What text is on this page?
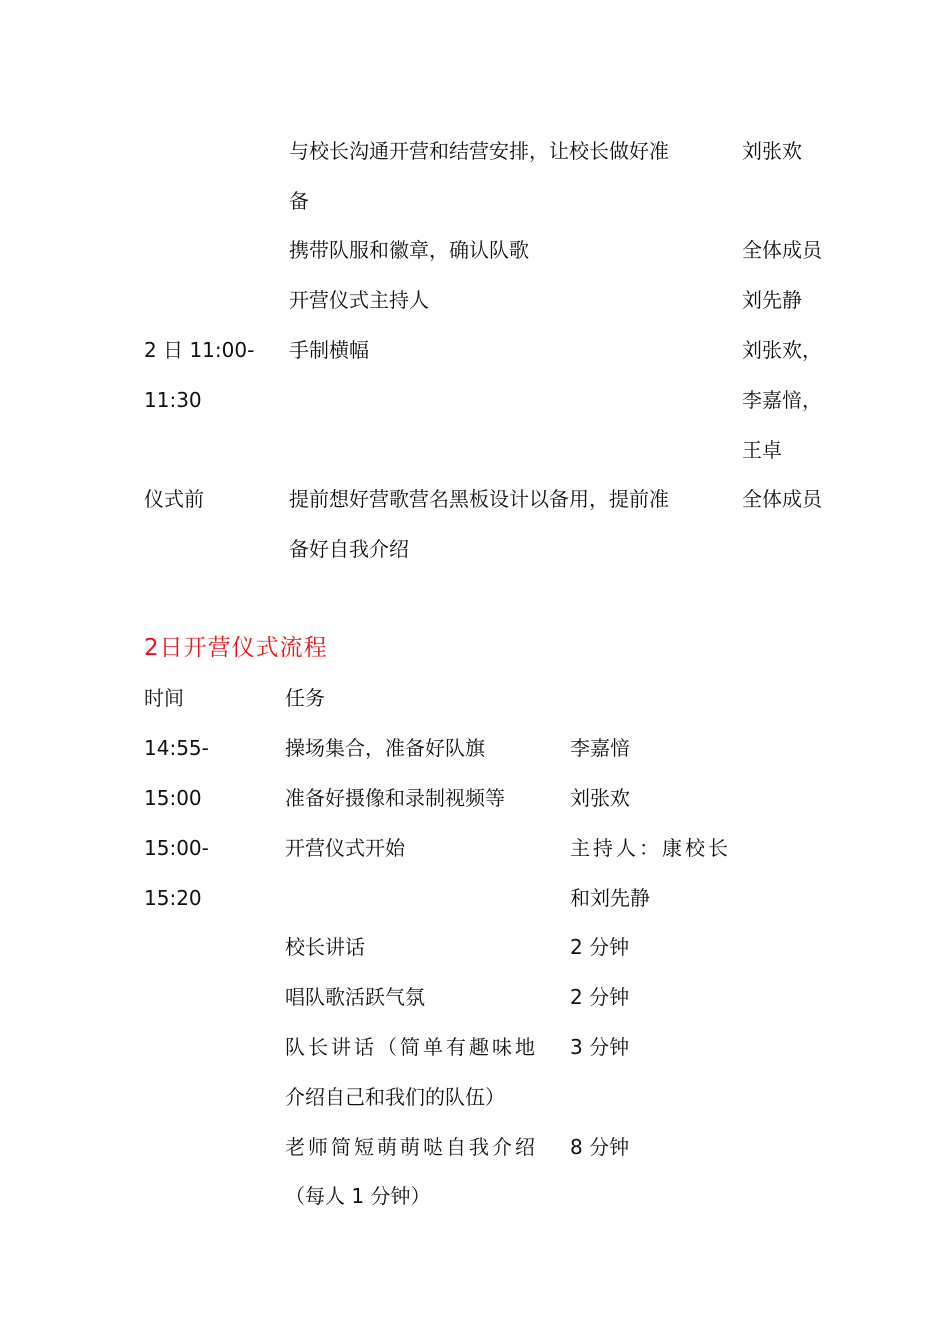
与校长沟通开营和结营安排，让校长做好准	刘张欢
备
携带队服和徽章，确认队歌	全体成员
开营仪式主持人	刘先静
2 日 11:00- 手制横幅	刘张欢，
11:30	李嘉愔，
王卓
仪式前	提前想好营歌营名黑板设计以备用，提前准	全体成员
备好自我介绍
2日开营仪式流程
时间	任务
14:55-	操场集合，准备好队旗	李嘉愔
15:00	准备好摄像和录制视频等	刘张欢
15:00-	开营仪式开始	主持人：康校长
15:20	和刘先静
校长讲话	2 分钟
唱队歌活跃气氛	2 分钟
队长讲话（简单有趣味地 3 分钟
介绍自己和我们的队伍）
老师简短萌萌哒自我介绍 8 分钟
（每人 1 分钟）
